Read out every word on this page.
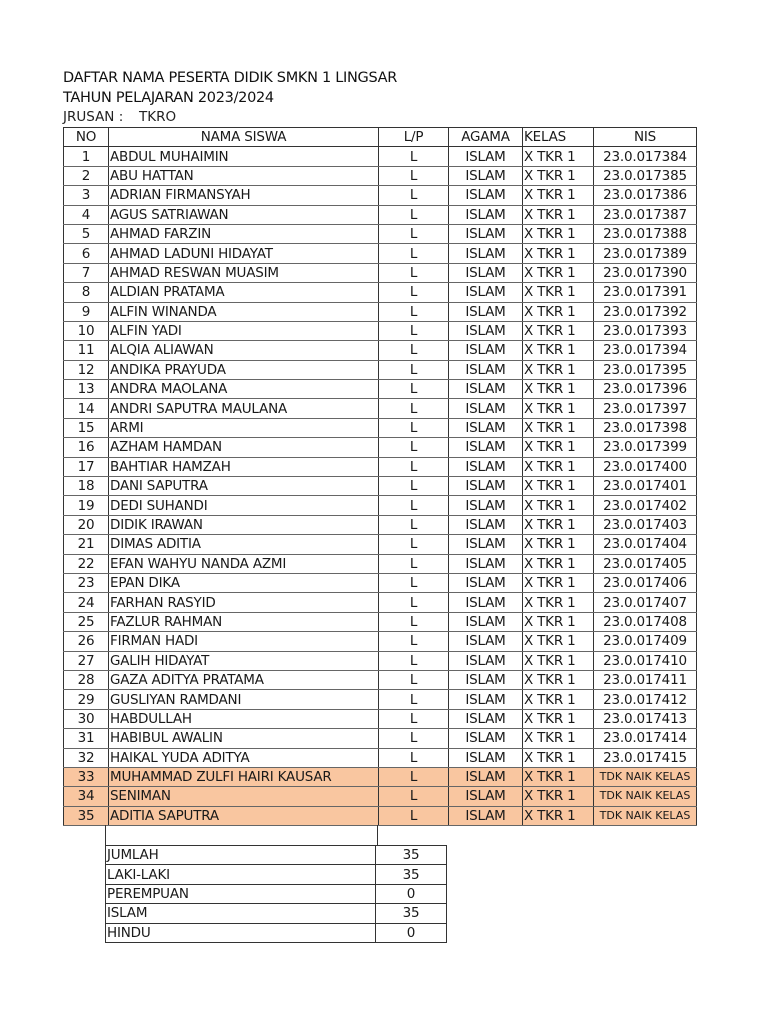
DAFTAR NAMA PESERTA DIDIK SMKN 1 LINGSAR
TAHUN PELAJARAN 2023/2024
JRUSAN : TKRO
NO	NAMA SISWA	L/P	AGAMA	KELAS	NIS
1	ABDUL MUHAIMIN	L	ISLAM	X TKR 1	23.0.017384
2	ABU HATTAN	L	ISLAM	X TKR 1	23.0.017385
3	ADRIAN FIRMANSYAH	L	ISLAM	X TKR 1	23.0.017386
4	AGUS SATRIAWAN	L	ISLAM	X TKR 1	23.0.017387
5	AHMAD FARZIN	L	ISLAM	X TKR 1	23.0.017388
6	AHMAD LADUNI HIDAYAT	L	ISLAM	X TKR 1	23.0.017389
7	AHMAD RESWAN MUASIM	L	ISLAM	X TKR 1	23.0.017390
8	ALDIAN PRATAMA	L	ISLAM	X TKR 1	23.0.017391
9	ALFIN WINANDA	L	ISLAM	X TKR 1	23.0.017392
10	ALFIN YADI	L	ISLAM	X TKR 1	23.0.017393
11	ALQIA ALIAWAN	L	ISLAM	X TKR 1	23.0.017394
12	ANDIKA PRAYUDA	L	ISLAM	X TKR 1	23.0.017395
13	ANDRA MAOLANA	L	ISLAM	X TKR 1	23.0.017396
14	ANDRI SAPUTRA MAULANA	L	ISLAM	X TKR 1	23.0.017397
15	ARMI	L	ISLAM	X TKR 1	23.0.017398
16	AZHAM HAMDAN	L	ISLAM	X TKR 1	23.0.017399
17	BAHTIAR HAMZAH	L	ISLAM	X TKR 1	23.0.017400
18	DANI SAPUTRA	L	ISLAM	X TKR 1	23.0.017401
19	DEDI SUHANDI	L	ISLAM	X TKR 1	23.0.017402
20	DIDIK IRAWAN	L	ISLAM	X TKR 1	23.0.017403
21	DIMAS ADITIA	L	ISLAM	X TKR 1	23.0.017404
22	EFAN WAHYU NANDA AZMI	L	ISLAM	X TKR 1	23.0.017405
23	EPAN DIKA	L	ISLAM	X TKR 1	23.0.017406
24	FARHAN RASYID	L	ISLAM	X TKR 1	23.0.017407
25	FAZLUR RAHMAN	L	ISLAM	X TKR 1	23.0.017408
26	FIRMAN HADI	L	ISLAM	X TKR 1	23.0.017409
27	GALIH HIDAYAT	L	ISLAM	X TKR 1	23.0.017410
28	GAZA ADITYA PRATAMA	L	ISLAM	X TKR 1	23.0.017411
29	GUSLIYAN RAMDANI	L	ISLAM	X TKR 1	23.0.017412
30	HABDULLAH	L	ISLAM	X TKR 1	23.0.017413
31	HABIBUL AWALIN	L	ISLAM	X TKR 1	23.0.017414
32	HAIKAL YUDA ADITYA	L	ISLAM	X TKR 1	23.0.017415
33	MUHAMMAD ZULFI HAIRI KAUSAR	L	ISLAM	X TKR 1	TDK NAIK KELAS
34	SENIMAN	L	ISLAM	X TKR 1	TDK NAIK KELAS
35	ADITIA SAPUTRA	L	ISLAM	X TKR 1	TDK NAIK KELAS
JUMLAH	35
LAKI-LAKI	35
PEREMPUAN	0
ISLAM	35
HINDU	0
